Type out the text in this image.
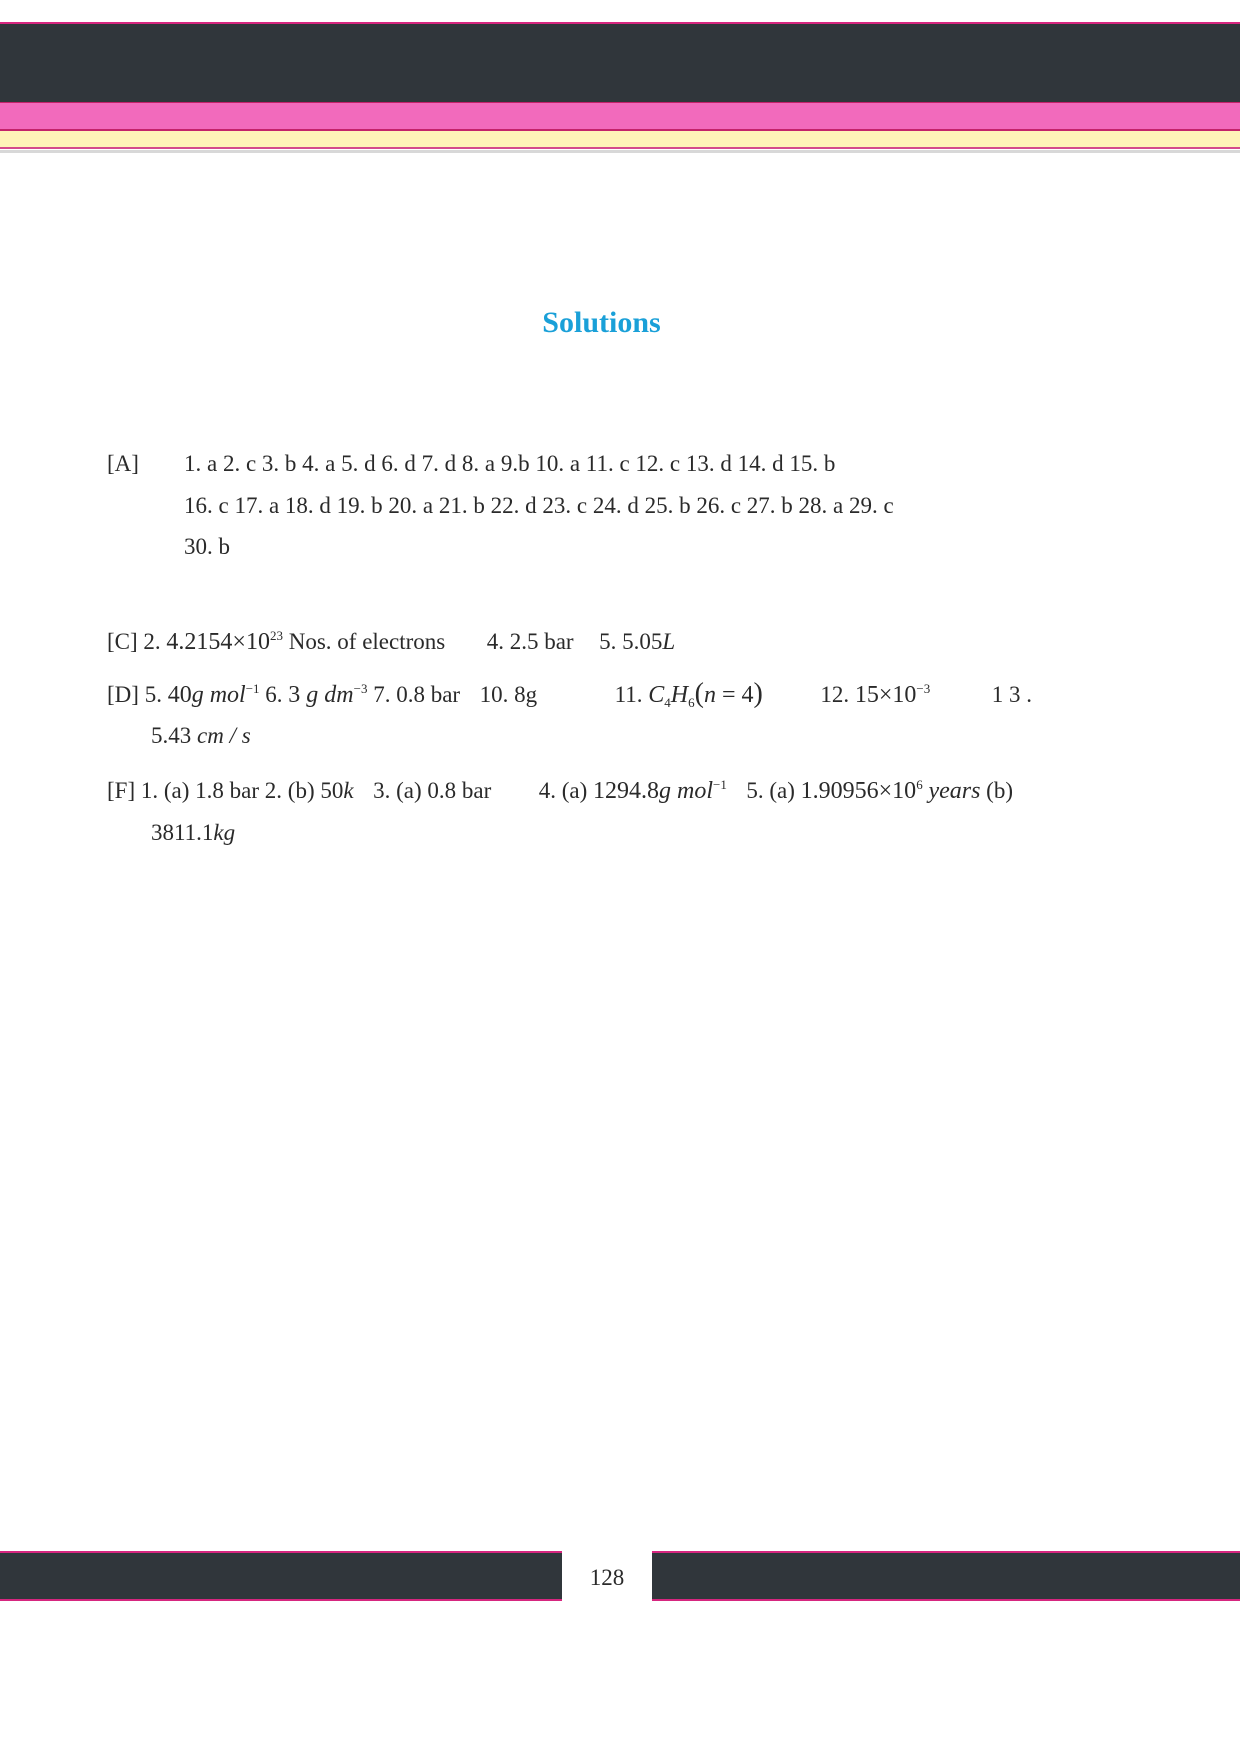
Solutions
[A] 1. a 2. c 3. b 4. a 5. d 6. d 7. d 8. a 9.b 10. a 11. c 12. c 13. d 14. d 15. b
16. c 17. a 18. d 19. b 20. a 21. b 22. d 23. c 24. d 25. b 26. c 27. b 28. a 29. c
30. b
[C] 2. $4.2154\times 10^{23}$ Nos. of electrons 4. 2.5 bar 5. 5.05L
[D] 5. 40g mol$^{-1}$ 6. 3 g $dm^{-3}$ 7. 0.8 bar 10. 8g	11. $C_4H_6(n = 4)$	12. $15\times 10^{-3}$	1 3 .
5.43 cm / s
[F] 1. (a) 1.8 bar 2. (b) 50k 3. (a) 0.8 bar 4. (a) 1294.8g mol$^{-1}$ 5. (a) $1.90956\times 10^6$ years (b)
3811.1kg
128
